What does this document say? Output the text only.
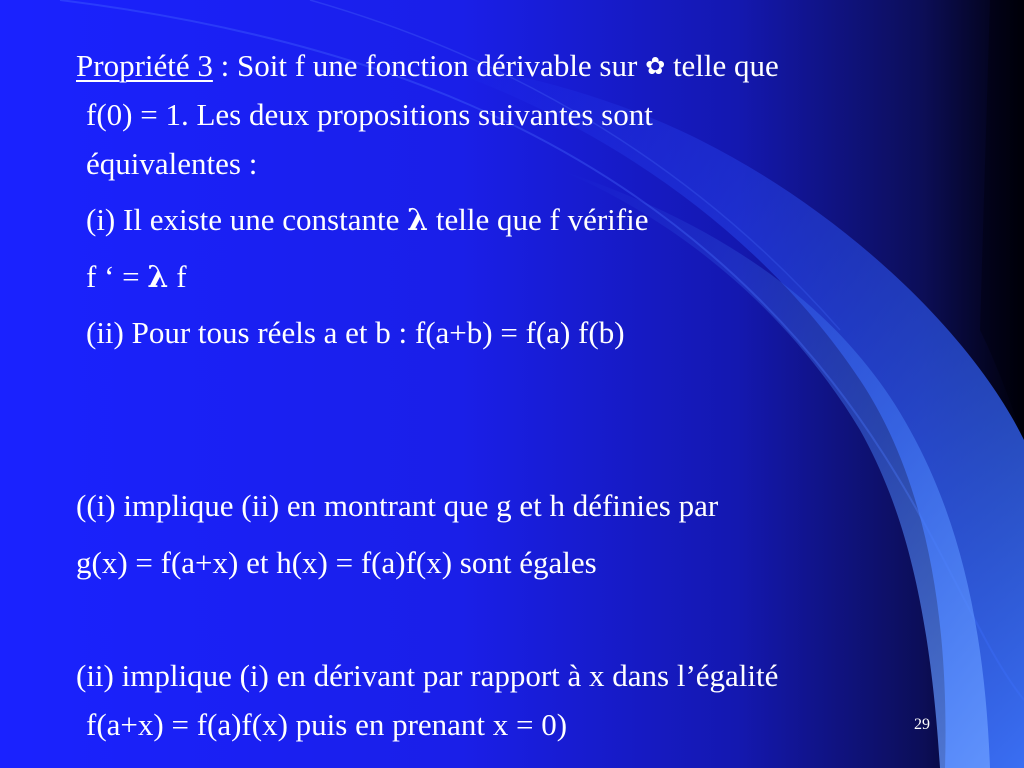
Propriété 3 : Soit f une fonction dérivable sur ✿ telle que
f(0) = 1. Les deux propositions suivantes sont
équivalentes :
(i) Il existe une constante λ telle que f vérifie
f ‘ = λ f
(ii) Pour tous réels a et b : f(a+b) = f(a) f(b)
((i) implique (ii) en montrant que g et h définies par
g(x) = f(a+x) et h(x) = f(a)f(x) sont égales
(ii) implique (i) en dérivant par rapport à x dans l’égalité
f(a+x) = f(a)f(x) puis en prenant x = 0)	29
